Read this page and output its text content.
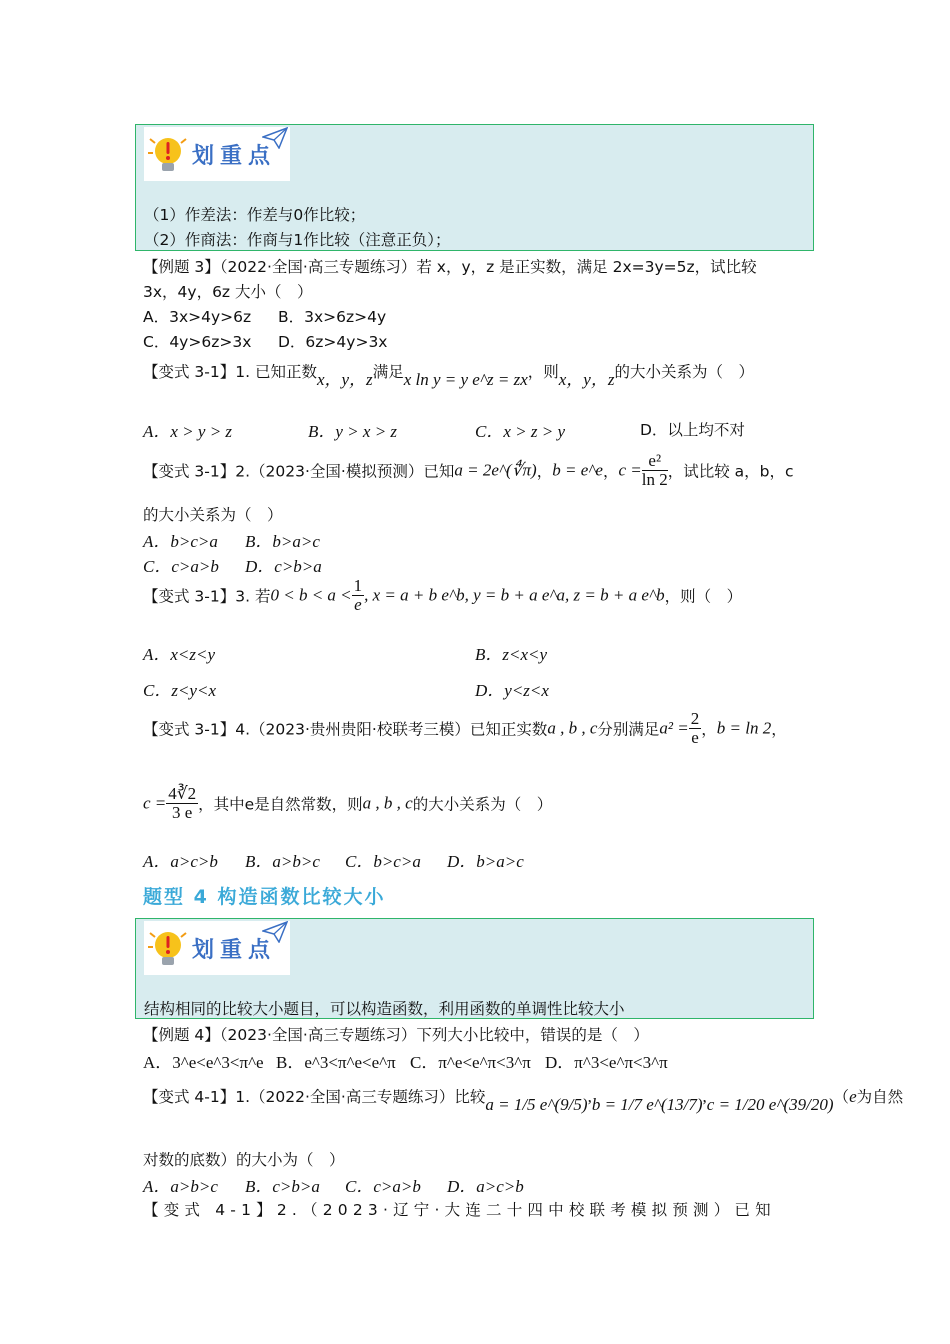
划重点
（1）作差法：作差与0作比较；
（2）作商法：作商与1作比较（注意正负）；
【例题 3】（2022·全国·高三专题练习）若 x，y，z 是正实数，满足 2x=3y=5z，试比较
3x，4y，6z 大小（　）
A．3x>4y>6z B．3x>6z>4y
C．4y>6z>3x D．6z>4y>3x
【变式 3-1】1. 已知正数x，y，z满足x ln y = y e^z = zx，则x，y，z的大小关系为（　）
A．x > y > z	B．y > x > z	C．x > z > y	D．以上均不对
【变式 3-1】2.（2023·全国·模拟预测）已知a = 2e^(∜π)，b = e^e，$c = \frac{\text{e²}}{\ln 2}$ ，试比较 a，b，c
的大小关系为（　）
A．b>c>a B．b>a>c
C．c>a>b D．c>b>a
【变式 3-1】3. 若$0 < b < a < \frac{1}{e}$ , x = a + b e^b, y = b + a e^a, z = b + a e^b，则（　）
A．x<z<y	B．z<x<y
C．z<y<x	D．y<z<x
【变式 3-1】4.（2023·贵州贵阳·校联考三模）已知正实数a , b , c分别满足$a^2 = \frac{2}{e}$ ，b = ln 2，
$c = \frac{4∛2}{3 e}$ ，其中e是自然常数，则a , b , c的大小关系为（　）
A．a>c>b B．a>b>c C．b>c>a D．b>a>c
题型 4 构造函数比较大小
划重点
结构相同的比较大小题目，可以构造函数，利用函数的单调性比较大小
【例题 4】（2023·全国·高三专题练习）下列大小比较中，错误的是（　）
A．3^e<e^3<π^e B．e^3<π^e<e^π C．π^e<e^π<3^π D．π^3<e^π<3^π
【变式 4-1】1.（2022·全国·高三专题练习）比较a = 1/5 e^(9/5),b = 1/7 e^(13/7),c = 1/20 e^(39/20)（e为自然
对数的底数）的大小为（　）
A．a>b>c B．c>b>a C．c>a>b D．a>c>b
【变式 4-1】2.（2023·辽宁·大连二十四中校联考模拟预测）已知
